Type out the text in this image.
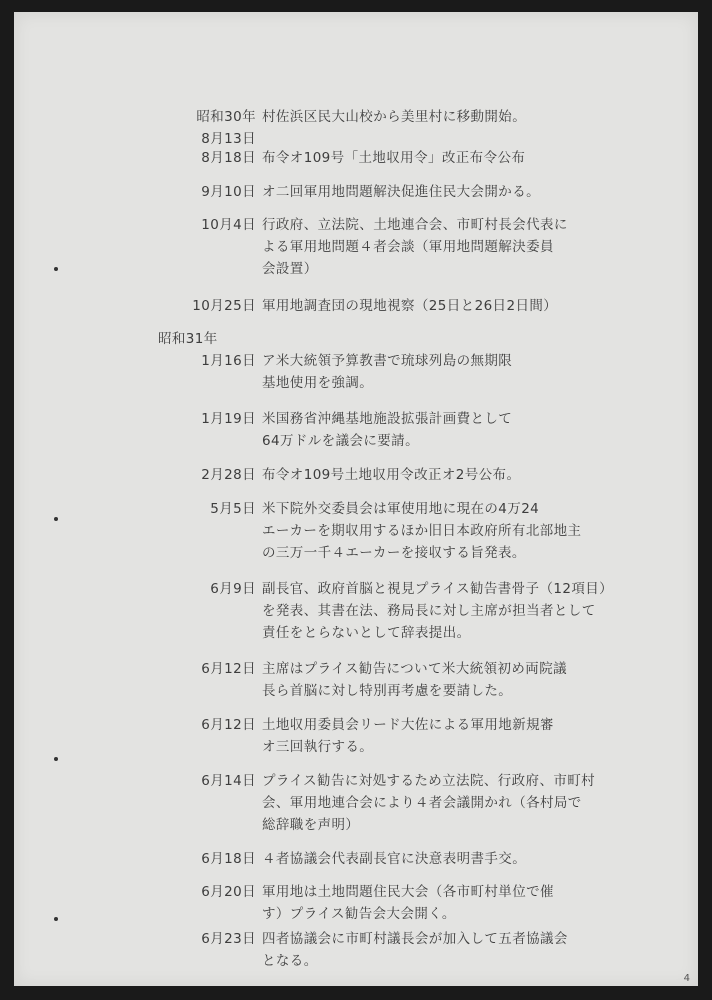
昭和30年
8月13日
村佐浜区民大山校から美里村に移動開始。
8月18日 布令オ109号「土地収用令」改正布令公布
9月10日 オ二回軍用地問題解決促進住民大会開かる。
10月4日 行政府、立法院、土地連合会、市町村長会代表に
よる軍用地問題４者会談（軍用地問題解決委員
会設置）
10月25日 軍用地調査団の現地視察（25日と26日2日間）
昭和31年
1月16日 ア米大統領予算教書で琉球列島の無期限
基地使用を強調。
1月19日 米国務省沖縄基地施設拡張計画費として
64万ドルを議会に要請。
2月28日 布令オ109号土地収用令改正オ2号公布。
5月5日 米下院外交委員会は軍使用地に現在の4万24
エーカーを期収用するほか旧日本政府所有北部地主
の三万一千４エーカーを接収する旨発表。
6月9日 副長官、政府首脳と視見プライス勧告書骨子（12項目）
を発表、其書在法、務局長に対し主席が担当者として
責任をとらないとして辞表提出。
6月12日 主席はプライス勧告について米大統領初め両院議
長ら首脳に対し特別再考慮を要請した。
6月12日 土地収用委員会リード大佐による軍用地新規審
オ三回執行する。
6月14日 プライス勧告に対処するため立法院、行政府、市町村
会、軍用地連合会により４者会議開かれ（各村局で
総辞職を声明）
6月18日 ４者協議会代表副長官に決意表明書手交。
6月20日 軍用地は土地問題住民大会（各市町村単位で催
す）プライス勧告会大会開く。
6月23日 四者協議会に市町村議長会が加入して五者協議会
となる。
4
